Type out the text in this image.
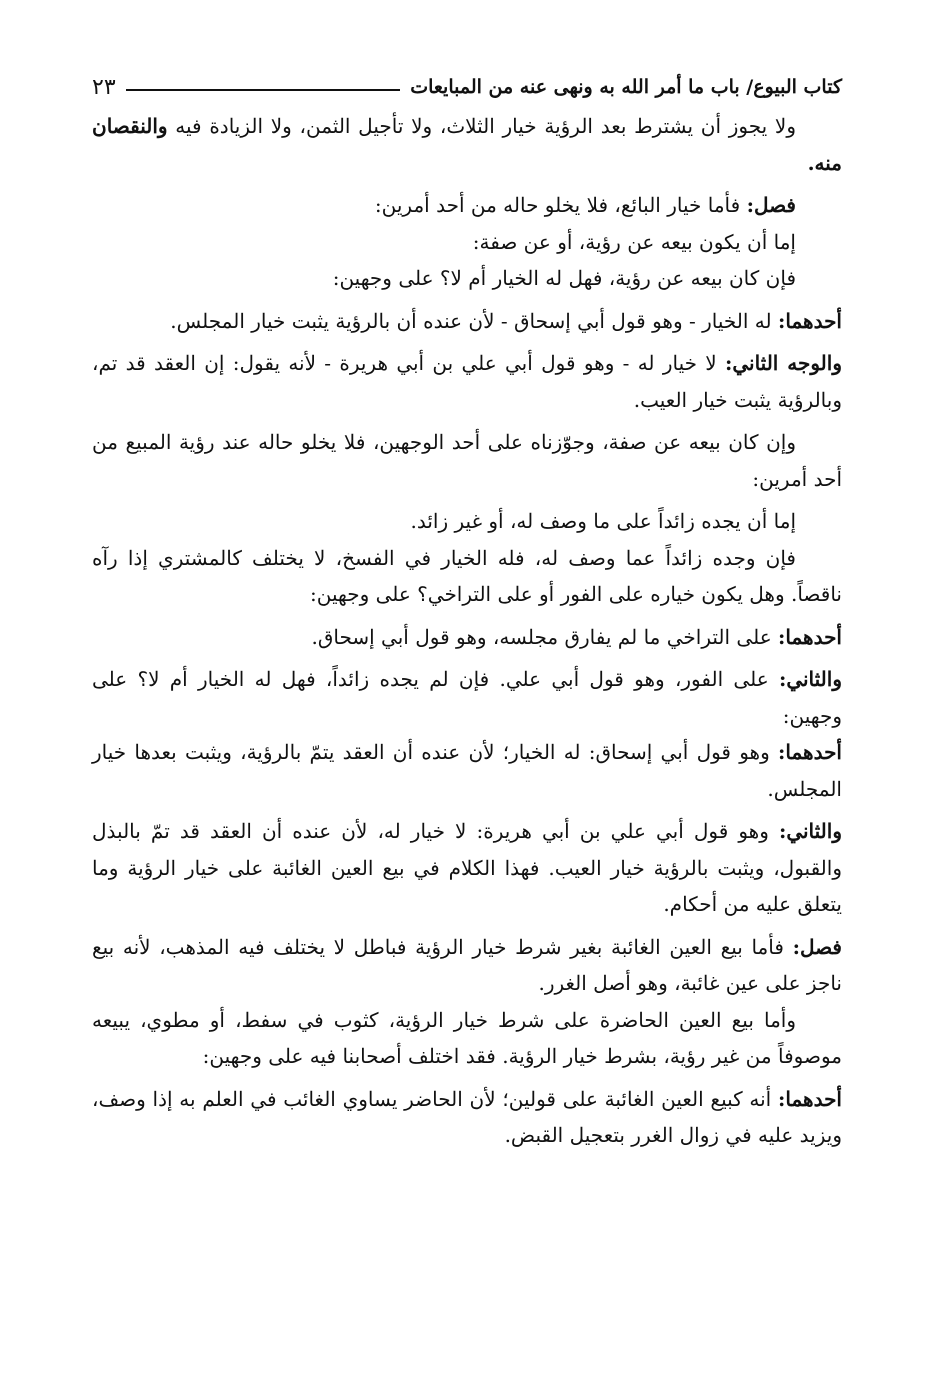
كتاب البيوع/ باب ما أمر الله به ونهى عنه من المبايعات
٢٣

ولا يجوز أن يشترط بعد الرؤية خيار الثلاث، ولا تأجيل الثمن، ولا الزيادة فيه والنقصان منه.

فصل: فأما خيار البائع، فلا يخلو حاله من أحد أمرين:

إما أن يكون بيعه عن رؤية، أو عن صفة:

فإن كان بيعه عن رؤية، فهل له الخيار أم لا؟ على وجهين:

أحدهما: له الخيار - وهو قول أبي إسحاق - لأن عنده أن بالرؤية يثبت خيار المجلس.

والوجه الثاني: لا خيار له - وهو قول أبي علي بن أبي هريرة - لأنه يقول: إن العقد قد تم، وبالرؤية يثبت خيار العيب.

وإن كان بيعه عن صفة، وجوّزناه على أحد الوجهين، فلا يخلو حاله عند رؤية المبيع من أحد أمرين:

إما أن يجده زائداً على ما وصف له، أو غير زائد.

فإن وجده زائداً عما وصف له، فله الخيار في الفسخ، لا يختلف كالمشتري إذا رآه ناقصاً. وهل يكون خياره على الفور أو على التراخي؟ على وجهين:

أحدهما: على التراخي ما لم يفارق مجلسه، وهو قول أبي إسحاق.

والثاني: على الفور، وهو قول أبي علي. فإن لم يجده زائداً، فهل له الخيار أم لا؟ على وجهين:

أحدهما: وهو قول أبي إسحاق: له الخيار؛ لأن عنده أن العقد يتمّ بالرؤية، ويثبت بعدها خيار المجلس.

والثاني: وهو قول أبي علي بن أبي هريرة: لا خيار له، لأن عنده أن العقد قد تمّ بالبذل والقبول، ويثبت بالرؤية خيار العيب. فهذا الكلام في بيع العين الغائبة على خيار الرؤية وما يتعلق عليه من أحكام.

فصل: فأما بيع العين الغائبة بغير شرط خيار الرؤية فباطل لا يختلف فيه المذهب، لأنه بيع ناجز على عين غائبة، وهو أصل الغرر.

وأما بيع العين الحاضرة على شرط خيار الرؤية، كثوب في سفط، أو مطوي، يبيعه موصوفاً من غير رؤية، بشرط خيار الرؤية. فقد اختلف أصحابنا فيه على وجهين:

أحدهما: أنه كبيع العين الغائبة على قولين؛ لأن الحاضر يساوي الغائب في العلم به إذا وصف، ويزيد عليه في زوال الغرر بتعجيل القبض.
